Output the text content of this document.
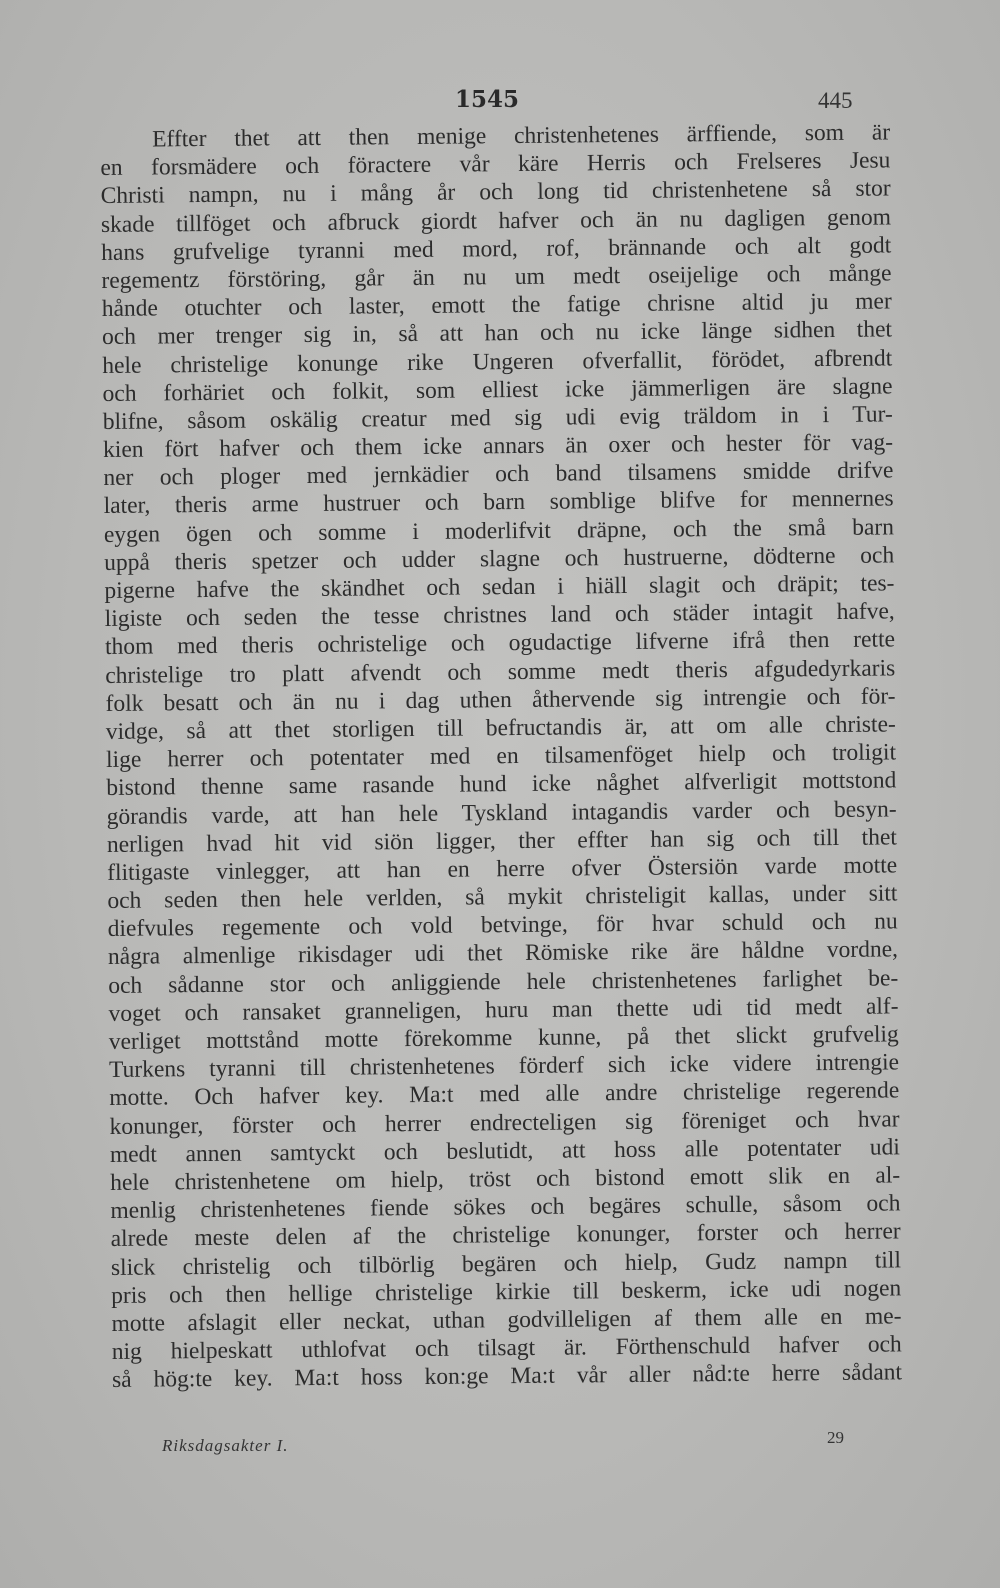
1545	445
Effter thet att then menige christenhetenes ärffiende, som är
en forsmädere och föractere vår käre Herris och Frelseres Jesu
Christi nampn, nu i mång år och long tid christenhetene så stor
skade tillföget och afbruck giordt hafver och än nu dagligen genom
hans grufvelige tyranni med mord, rof, brännande och alt godt
regementz förstöring, går än nu um medt oseijelige och månge
hånde otuchter och laster, emott the fatige chrisne altid ju mer
och mer trenger sig in, så att han och nu icke länge sidhen thet
hele christelige konunge rike Ungeren ofverfallit, förödet, afbrendt
och forhäriet och folkit, som elliest icke jämmerligen äre slagne
blifne, såsom oskälig creatur med sig udi evig träldom in i Tur-
kien fört hafver och them icke annars än oxer och hester för vag-
ner och ploger med jernkädier och band tilsamens smidde drifve
later, theris arme hustruer och barn somblige blifve for mennernes
eygen ögen och somme i moderlifvit dräpne, och the små barn
uppå theris spetzer och udder slagne och hustruerne, dödterne och
pigerne hafve the skändhet och sedan i hiäll slagit och dräpit; tes-
ligiste och seden the tesse christnes land och städer intagit hafve,
thom med theris ochristelige och ogudactige lifverne ifrå then rette
christelige tro platt afvendt och somme medt theris afgudedyrkaris
folk besatt och än nu i dag uthen åthervende sig intrengie och för-
vidge, så att thet storligen till befructandis är, att om alle christe-
lige herrer och potentater med en tilsamenföget hielp och troligit
bistond thenne same rasande hund icke någhet alfverligit mottstond
görandis varde, att han hele Tyskland intagandis varder och besyn-
nerligen hvad hit vid siön ligger, ther effter han sig och till thet
flitigaste vinlegger, att han en herre ofver Östersiön varde motte
och seden then hele verlden, så mykit christeligit kallas, under sitt
diefvules regemente och vold betvinge, för hvar schuld och nu
några almenlige rikisdager udi thet Römiske rike äre håldne vordne,
och sådanne stor och anliggiende hele christenhetenes farlighet be-
voget och ransaket granneligen, huru man thette udi tid medt alf-
verliget mottstånd motte förekomme kunne, på thet slickt grufvelig
Turkens tyranni till christenhetenes förderf sich icke videre intrengie
motte. Och hafver key. Ma:t med alle andre christelige regerende
konunger, förster och herrer endrecteligen sig föreniget och hvar
medt annen samtyckt och beslutidt, att hoss alle potentater udi
hele christenhetene om hielp, tröst och bistond emott slik en al-
menlig christenhetenes fiende sökes och begäres schulle, såsom och
alrede meste delen af the christelige konunger, forster och herrer
slick christelig och tilbörlig begären och hielp, Gudz nampn till
pris och then hellige christelige kirkie till beskerm, icke udi nogen
motte afslagit eller neckat, uthan godvilleligen af them alle en me-
nig hielpeskatt uthlofvat och tilsagt är. Förthenschuld hafver och
så hög:te key. Ma:t hoss kon:ge Ma:t vår aller nåd:te herre sådant
Riksdagsakter I.	29
